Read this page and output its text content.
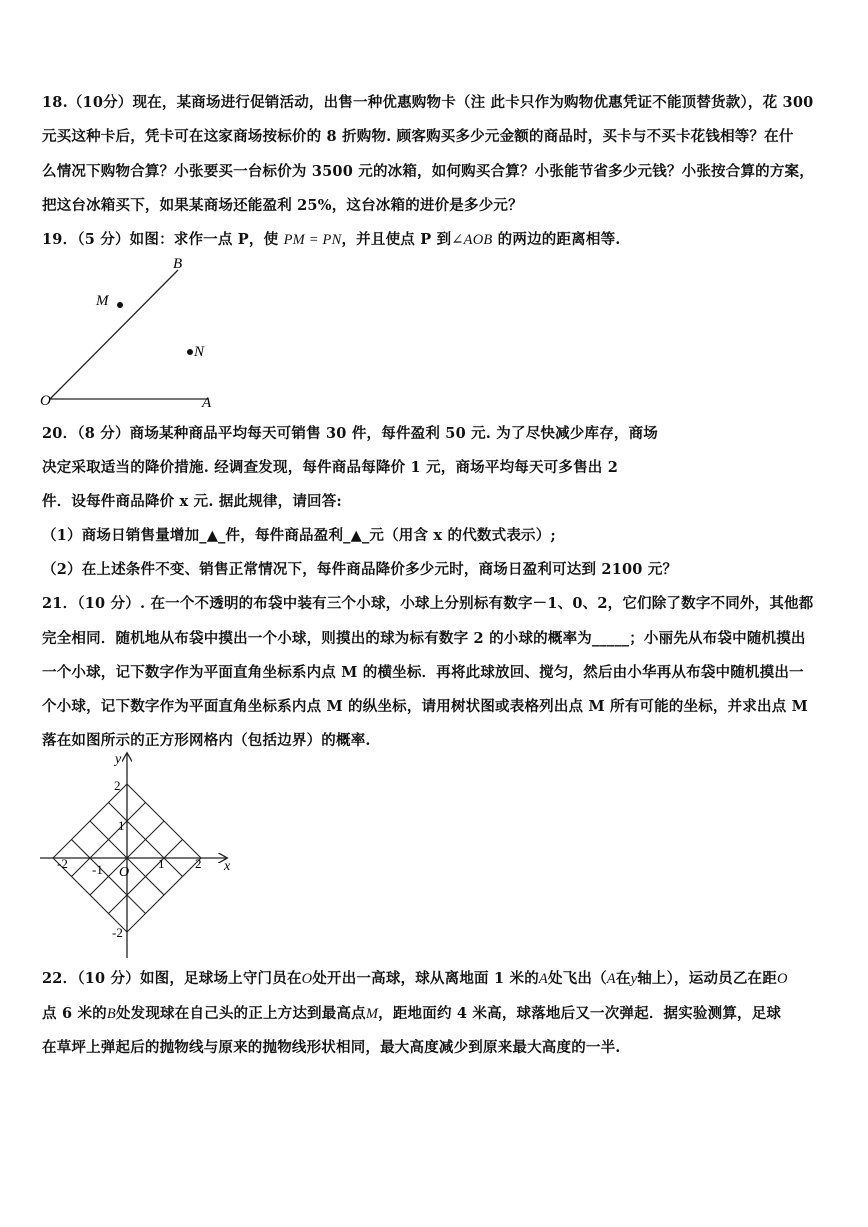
18.（10分）现在，某商场进行促销活动，出售一种优惠购物卡（注 此卡只作为购物优惠凭证不能顶替货款），花 300
元买这种卡后，凭卡可在这家商场按标价的 8 折购物. 顾客购买多少元金额的商品时，买卡与不买卡花钱相等？在什
么情况下购物合算？小张要买一台标价为 3500 元的冰箱，如何购买合算？小张能节省多少元钱？小张按合算的方案，
把这台冰箱买下，如果某商场还能盈利 25%，这台冰箱的进价是多少元？
19．（5 分）如图：求作一点 P，使 PM = PN，并且使点 P 到∠AOB 的两边的距离相等.
B
M
N
O	A
20．（8 分）商场某种商品平均每天可销售 30 件，每件盈利 50 元. 为了尽快减少库存，商场
决定采取适当的降价措施. 经调查发现，每件商品每降价 1 元，商场平均每天可多售出 2
件．设每件商品降价 x 元. 据此规律，请回答:
（1）商场日销售量增加_▲_件，每件商品盈利_▲_元（用含 x 的代数式表示）;
（2）在上述条件不变、销售正常情况下，每件商品降价多少元时，商场日盈利可达到 2100 元？
21．（10 分）. 在一个不透明的布袋中装有三个小球，小球上分别标有数字－1、0、2，它们除了数字不同外，其他都
完全相同．随机地从布袋中摸出一个小球，则摸出的球为标有数字 2 的小球的概率为_____；小丽先从布袋中随机摸出
一个小球，记下数字作为平面直角坐标系内点 M 的横坐标．再将此球放回、搅匀，然后由小华再从布袋中随机摸出一
个小球，记下数字作为平面直角坐标系内点 M 的纵坐标，请用树状图或表格列出点 M 所有可能的坐标，并求出点 M
落在如图所示的正方形网格内（包括边界）的概率.
y
x
2
1
-2 -1 O
1 2
-2
22．（10 分）如图，足球场上守门员在O处开出一高球，球从离地面 1 米的A处飞出（A在y轴上），运动员乙在距O
点 6 米的B处发现球在自己头的正上方达到最高点M，距地面约 4 米高，球落地后又一次弹起．据实验测算，足球
在草坪上弹起后的抛物线与原来的抛物线形状相同，最大高度减少到原来最大高度的一半.
